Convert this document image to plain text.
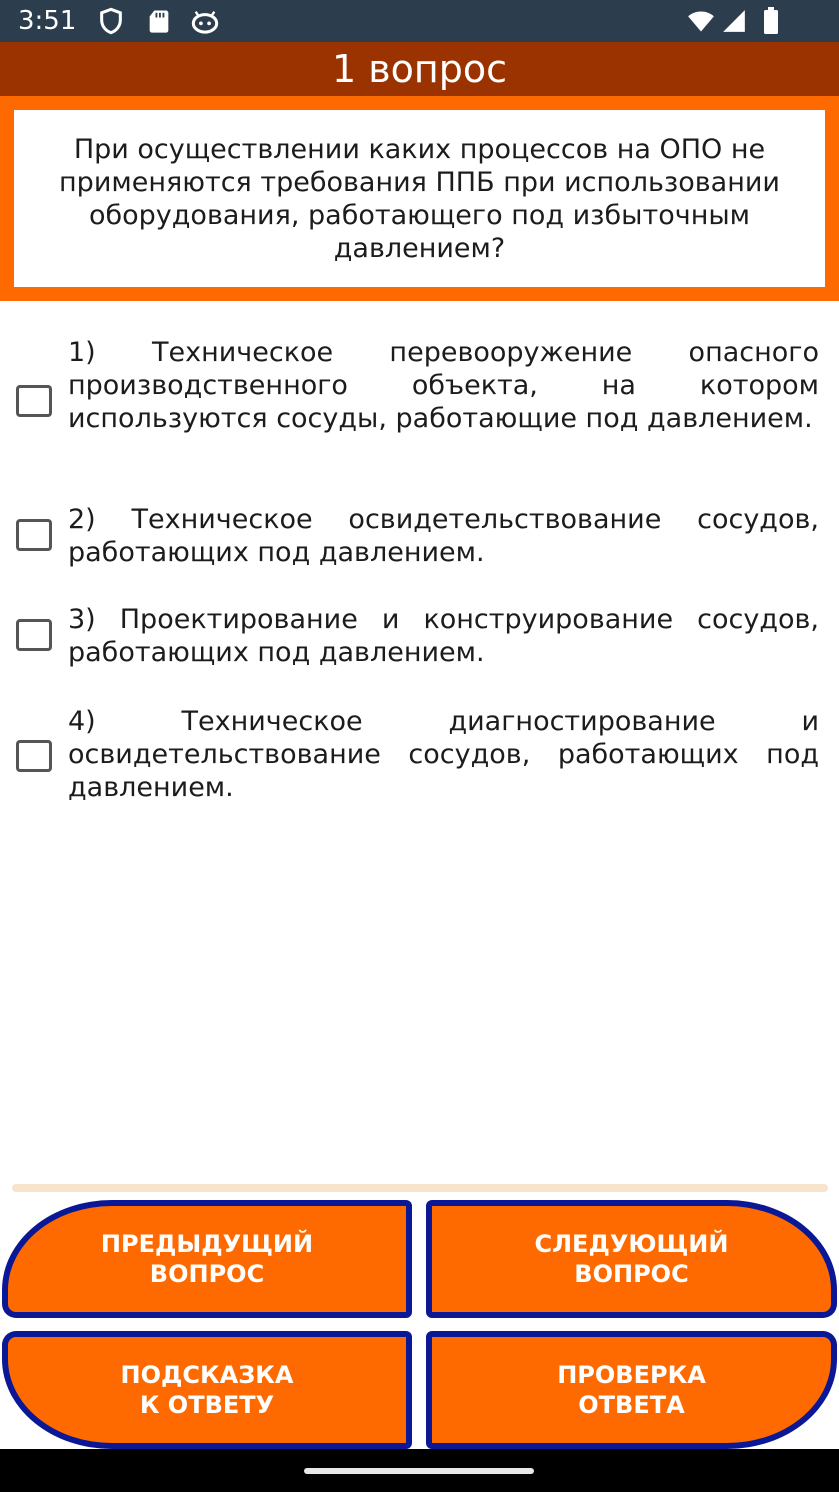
3:51
1 вопрос
При осуществлении каких процессов на ОПО не применяются требования ППБ при использовании оборудования, работающего под избыточным давлением?
1) Техническое перевооружение опасного производственного объекта, на котором используются сосуды, работающие под давлением.
2) Техническое освидетельствование сосудов, работающих под давлением.
3) Проектирование и конструирование сосудов, работающих под давлением.
4) Техническое диагностирование и освидетельствование сосудов, работающих под давлением.
ПРЕДЫДУЩИЙ
ВОПРОС
СЛЕДУЮЩИЙ
ВОПРОС
ПОДСКАЗКА
К ОТВЕТУ
ПРОВЕРКА
ОТВЕТА
